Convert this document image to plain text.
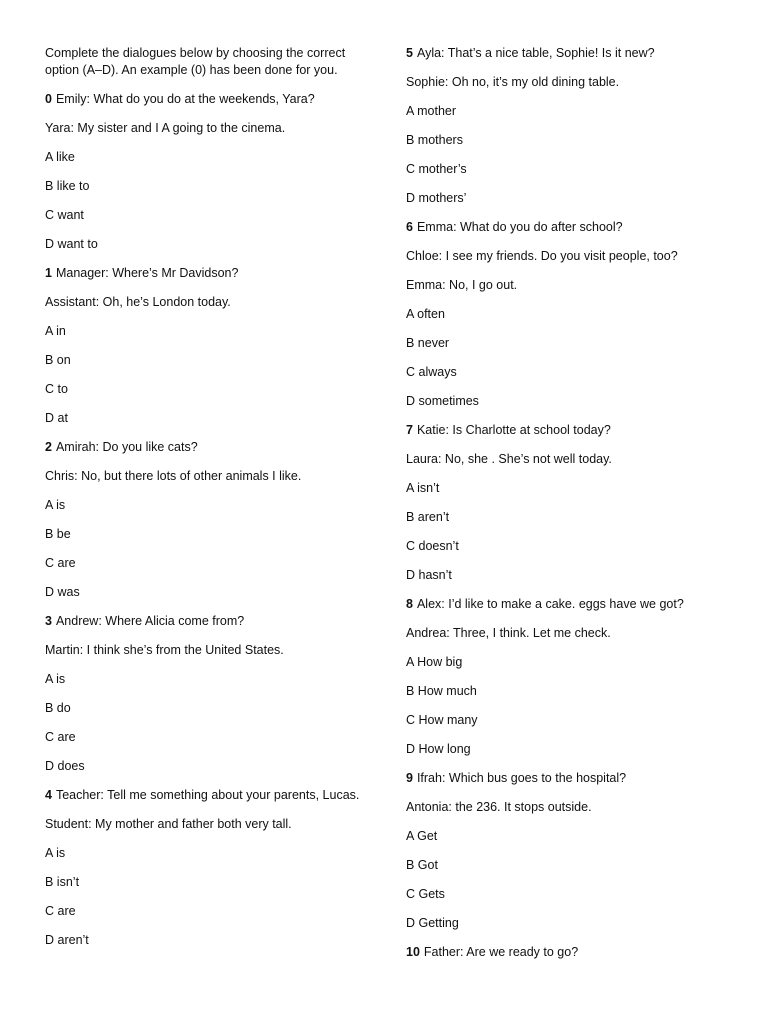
Complete the dialogues below by choosing the correct option (A–D). An example (0) has been done for you.
0 Emily: What do you do at the weekends, Yara?
Yara: My sister and I A going to the cinema.
A like
B like to
C want
D want to
1 Manager: Where’s Mr Davidson?
Assistant: Oh, he’s London today.
A in
B on
C to
D at
2 Amirah: Do you like cats?
Chris: No, but there lots of other animals I like.
A is
B be
C are
D was
3 Andrew: Where Alicia come from?
Martin: I think she’s from the United States.
A is
B do
C are
D does
4 Teacher: Tell me something about your parents, Lucas.
Student: My mother and father both very tall.
A is
B isn’t
C are
D aren’t
5 Ayla: That’s a nice table, Sophie! Is it new?
Sophie: Oh no, it’s my old dining table.
A mother
B mothers
C mother’s
D mothers’
6 Emma: What do you do after school?
Chloe: I see my friends. Do you visit people, too?
Emma: No, I go out.
A often
B never
C always
D sometimes
7 Katie: Is Charlotte at school today?
Laura: No, she . She’s not well today.
A isn’t
B aren’t
C doesn’t
D hasn’t
8 Alex: I’d like to make a cake. eggs have we got?
Andrea: Three, I think. Let me check.
A How big
B How much
C How many
D How long
9 Ifrah: Which bus goes to the hospital?
Antonia: the 236. It stops outside.
A Get
B Got
C Gets
D Getting
10 Father: Are we ready to go?
